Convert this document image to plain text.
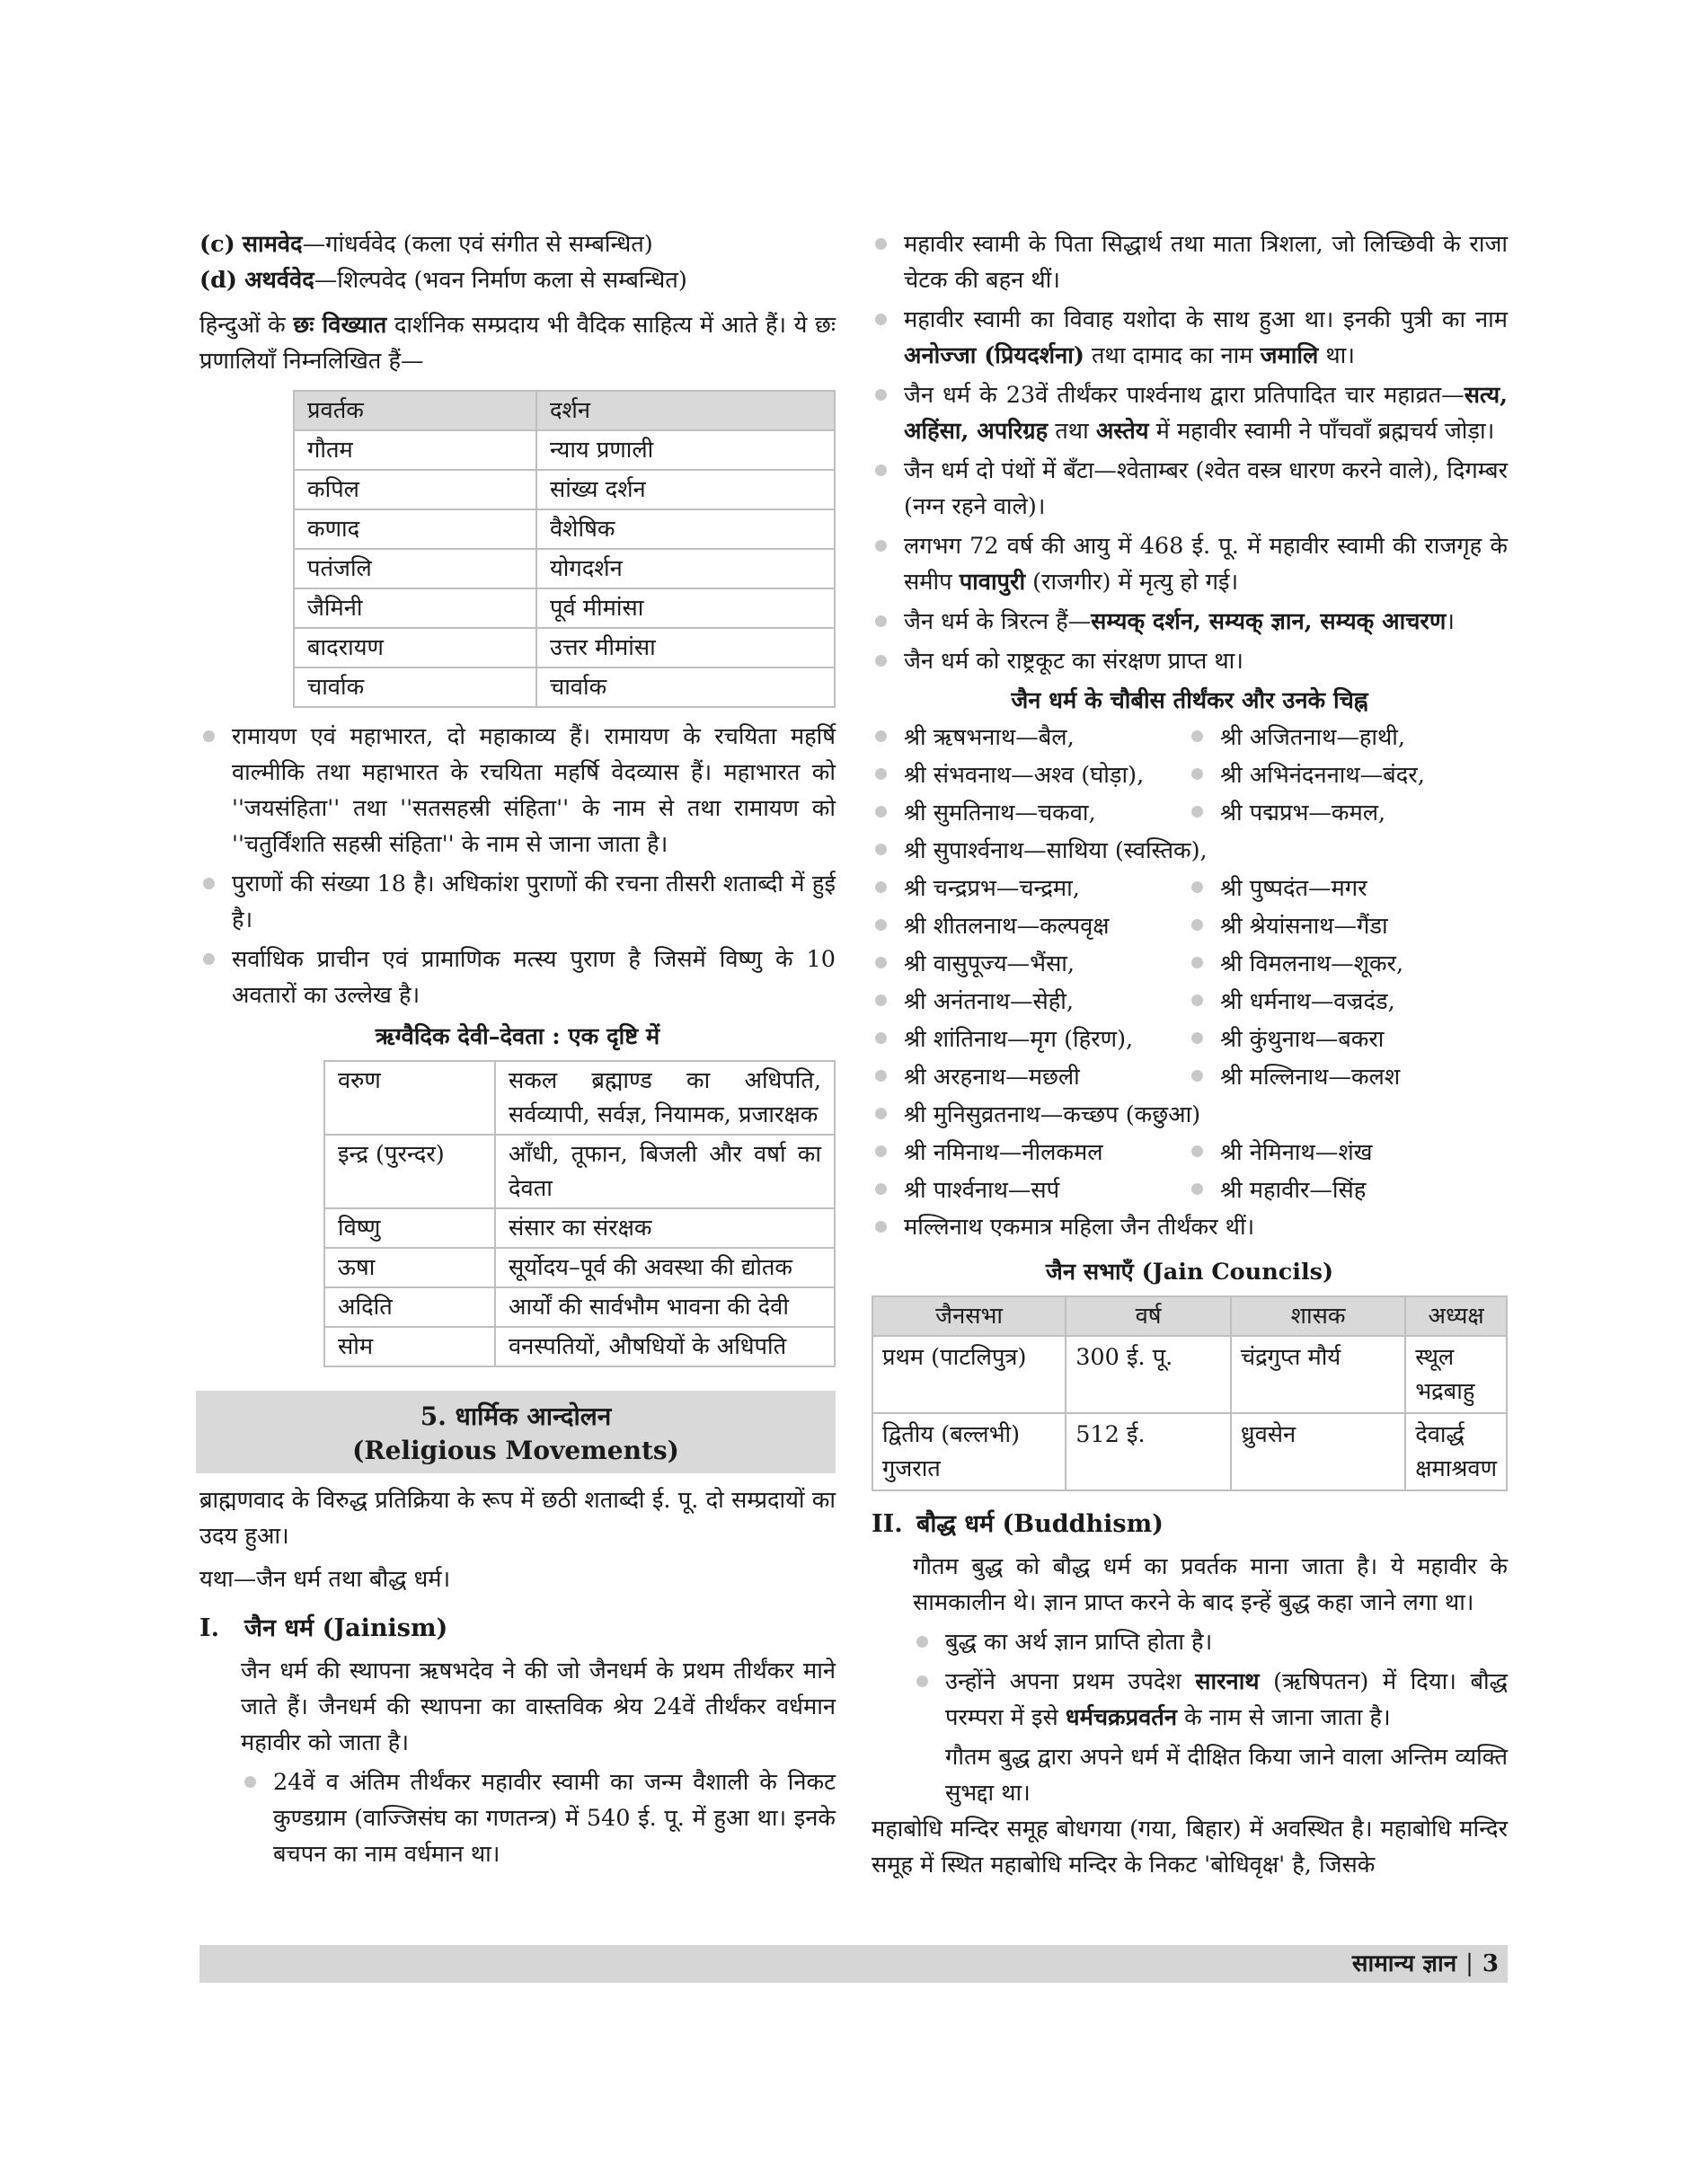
(c) सामवेद—गांधर्ववेद (कला एवं संगीत से सम्बन्धित)

(d) अथर्ववेद—शिल्पवेद (भवन निर्माण कला से सम्बन्धित)

हिन्दुओं के छः विख्यात दार्शनिक सम्प्रदाय भी वैदिक साहित्य में आते हैं। ये छः प्रणालियाँ निम्नलिखित हैं—

प्रवर्तक	दर्शन
गौतम	न्याय प्रणाली
कपिल	सांख्य दर्शन
कणाद	वैशेषिक
पतंजलि	योगदर्शन
जैमिनी	पूर्व मीमांसा
बादरायण	उत्तर मीमांसा
चार्वाक	चार्वाक
रामायण एवं महाभारत, दो महाकाव्य हैं। रामायण के रचयिता महर्षि वाल्मीकि तथा महाभारत के रचयिता महर्षि वेदव्यास हैं। महाभारत को ''जयसंहिता'' तथा ''सतसहस्री संहिता'' के नाम से तथा रामायण को ''चतुर्विंशति सहस्री संहिता'' के नाम से जाना जाता है।
पुराणों की संख्या 18 है। अधिकांश पुराणों की रचना तीसरी शताब्दी में हुई है।
सर्वाधिक प्राचीन एवं प्रामाणिक मत्स्य पुराण है जिसमें विष्णु के 10 अवतारों का उल्लेख है।
ऋग्वैदिक देवी–देवता : एक दृष्टि में
वरुण	सकल ब्रह्माण्ड का अधिपति, सर्वव्यापी, सर्वज्ञ, नियामक, प्रजारक्षक
इन्द्र (पुरन्दर)	आँधी, तूफान, बिजली और वर्षा का देवता
विष्णु	संसार का संरक्षक
ऊषा	सूर्योदय–पूर्व की अवस्था की द्योतक
अदिति	आर्यों की सार्वभौम भावना की देवी
सोम	वनस्पतियों, औषधियों के अधिपति
5. धार्मिक आन्दोलन
(Religious Movements)

ब्राह्मणवाद के विरुद्ध प्रतिक्रिया के रूप में छठी शताब्दी ई. पू. दो सम्प्रदायों का उदय हुआ।

यथा—जैन धर्म तथा बौद्ध धर्म।

I. जैन धर्म (Jainism)

जैन धर्म की स्थापना ऋषभदेव ने की जो जैनधर्म के प्रथम तीर्थंकर माने जाते हैं। जैनधर्म की स्थापना का वास्तविक श्रेय 24वें तीर्थंकर वर्धमान महावीर को जाता है।

24वें व अंतिम तीर्थंकर महावीर स्वामी का जन्म वैशाली के निकट कुण्डग्राम (वाज्जिसंघ का गणतन्त्र) में 540 ई. पू. में हुआ था। इनके बचपन का नाम वर्धमान था।
महावीर स्वामी के पिता सिद्धार्थ तथा माता त्रिशला, जो लिच्छिवी के राजा चेटक की बहन थीं।
महावीर स्वामी का विवाह यशोदा के साथ हुआ था। इनकी पुत्री का नाम अनोज्जा (प्रियदर्शना) तथा दामाद का नाम जमालि था।
जैन धर्म के 23वें तीर्थंकर पार्श्वनाथ द्वारा प्रतिपादित चार महाव्रत—सत्य, अहिंसा, अपरिग्रह तथा अस्तेय में महावीर स्वामी ने पाँचवाँ ब्रह्मचर्य जोड़ा।
जैन धर्म दो पंथों में बँटा—श्वेताम्बर (श्वेत वस्त्र धारण करने वाले), दिगम्बर (नग्न रहने वाले)।
लगभग 72 वर्ष की आयु में 468 ई. पू. में महावीर स्वामी की राजगृह के समीप पावापुरी (राजगीर) में मृत्यु हो गई।
जैन धर्म के त्रिरत्न हैं—सम्यक् दर्शन, सम्यक् ज्ञान, सम्यक् आचरण।
जैन धर्म को राष्ट्रकूट का संरक्षण प्राप्त था।
जैन धर्म के चौबीस तीर्थंकर और उनके चिह्न
श्री ऋषभनाथ—बैल,	श्री अजितनाथ—हाथी,
श्री संभवनाथ—अश्व (घोड़ा),	श्री अभिनंदननाथ—बंदर,
श्री सुमतिनाथ—चकवा,	श्री पद्मप्रभ—कमल,
श्री सुपार्श्वनाथ—साथिया (स्वस्तिक),
श्री चन्द्रप्रभ—चन्द्रमा,	श्री पुष्पदंत—मगर
श्री शीतलनाथ—कल्पवृक्ष	श्री श्रेयांसनाथ—गैंडा
श्री वासुपूज्य—भैंसा,	श्री विमलनाथ—शूकर,
श्री अनंतनाथ—सेही,	श्री धर्मनाथ—वज्रदंड,
श्री शांतिनाथ—मृग (हिरण),	श्री कुंथुनाथ—बकरा
श्री अरहनाथ—मछली	श्री मल्लिनाथ—कलश
श्री मुनिसुव्रतनाथ—कच्छप (कछुआ)
श्री नमिनाथ—नीलकमल	श्री नेमिनाथ—शंख
श्री पार्श्वनाथ—सर्प	श्री महावीर—सिंह
मल्लिनाथ एकमात्र महिला जैन तीर्थंकर थीं।
जैन सभाएँ (Jain Councils)
जैनसभा	वर्ष	शासक	अध्यक्ष
प्रथम (पाटलिपुत्र)	300 ई. पू.	चंद्रगुप्त मौर्य	स्थूल भद्रबाहु
द्वितीय (बल्लभी) गुजरात	512 ई.	ध्रुवसेन	देवार्द्ध क्षमाश्रवण
II. बौद्ध धर्म (Buddhism)

गौतम बुद्ध को बौद्ध धर्म का प्रवर्तक माना जाता है। ये महावीर के सामकालीन थे। ज्ञान प्राप्त करने के बाद इन्हें बुद्ध कहा जाने लगा था।

बुद्ध का अर्थ ज्ञान प्राप्ति होता है।
उन्होंने अपना प्रथम उपदेश सारनाथ (ऋषिपतन) में दिया। बौद्ध परम्परा में इसे धर्मचक्रप्रवर्तन के नाम से जाना जाता है।

गौतम बुद्ध द्वारा अपने धर्म में दीक्षित किया जाने वाला अन्तिम व्यक्ति सुभद्दा था।

महाबोधि मन्दिर समूह बोधगया (गया, बिहार) में अवस्थित है। महाबोधि मन्दिर समूह में स्थित महाबोधि मन्दिर के निकट 'बोधिवृक्ष' है, जिसके

सामान्य ज्ञान | 3
